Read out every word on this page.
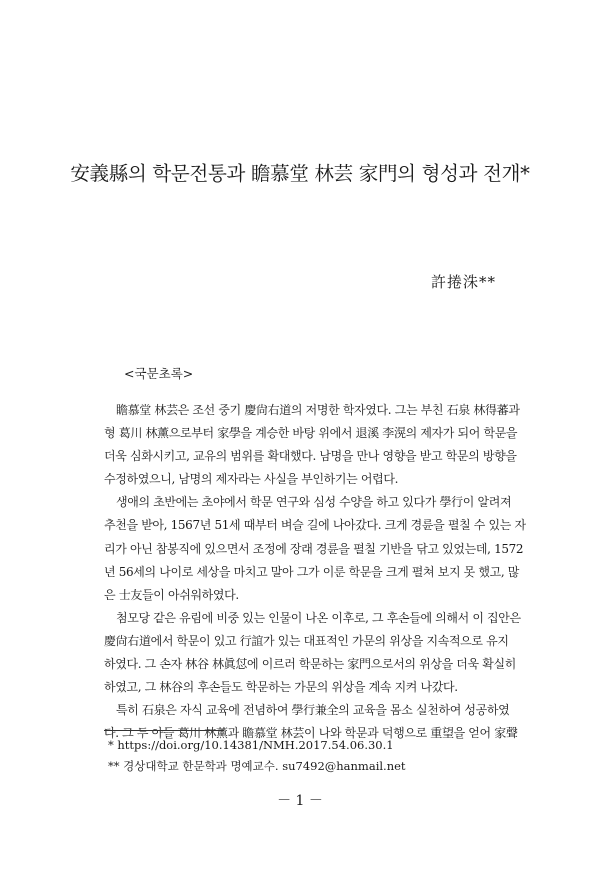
安義縣의 학문전통과 瞻慕堂 林芸 家門의 형성과 전개*
許捲洙**
<국문초록>
瞻慕堂 林芸은 조선 중기 慶尙右道의 저명한 학자였다. 그는 부친 石泉 林得蕃과
형 葛川 林薰으로부터 家學을 계승한 바탕 위에서 退溪 李滉의 제자가 되어 학문을
더욱 심화시키고, 교유의 범위를 확대했다. 남명을 만나 영향을 받고 학문의 방향을
수정하였으니, 남명의 제자라는 사실을 부인하기는 어렵다.
생애의 초반에는 초야에서 학문 연구와 심성 수양을 하고 있다가 學行이 알려져
추천을 받아, 1567년 51세 때부터 벼슬 길에 나아갔다. 크게 경륜을 펼칠 수 있는 자
리가 아닌 참봉직에 있으면서 조정에 장래 경륜을 펼칠 기반을 닦고 있었는데, 1572
년 56세의 나이로 세상을 마치고 말아 그가 이룬 학문을 크게 펼쳐 보지 못 했고, 많
은 士友들이 아쉬워하였다.
첨모당 같은 유림에 비중 있는 인물이 나온 이후로, 그 후손들에 의해서 이 집안은
慶尙右道에서 학문이 있고 行誼가 있는 대표적인 가문의 위상을 지속적으로 유지
하였다. 그 손자 林谷 林眞怤에 이르러 학문하는 家門으로서의 위상을 더욱 확실히
하였고, 그 林谷의 후손들도 학문하는 가문의 위상을 계속 지켜 나갔다.
특히 石泉은 자식 교육에 전념하여 學行兼全의 교육을 몸소 실천하여 성공하였
다. 그 두 아들 葛川 林薰과 瞻慕堂 林芸이 나와 학문과 덕행으로 重望을 얻어 家聲
* https://doi.org/10.14381/NMH.2017.54.06.30.1
** 경상대학교 한문학과 명예교수. su7492@hanmail.net
－ 1 －
